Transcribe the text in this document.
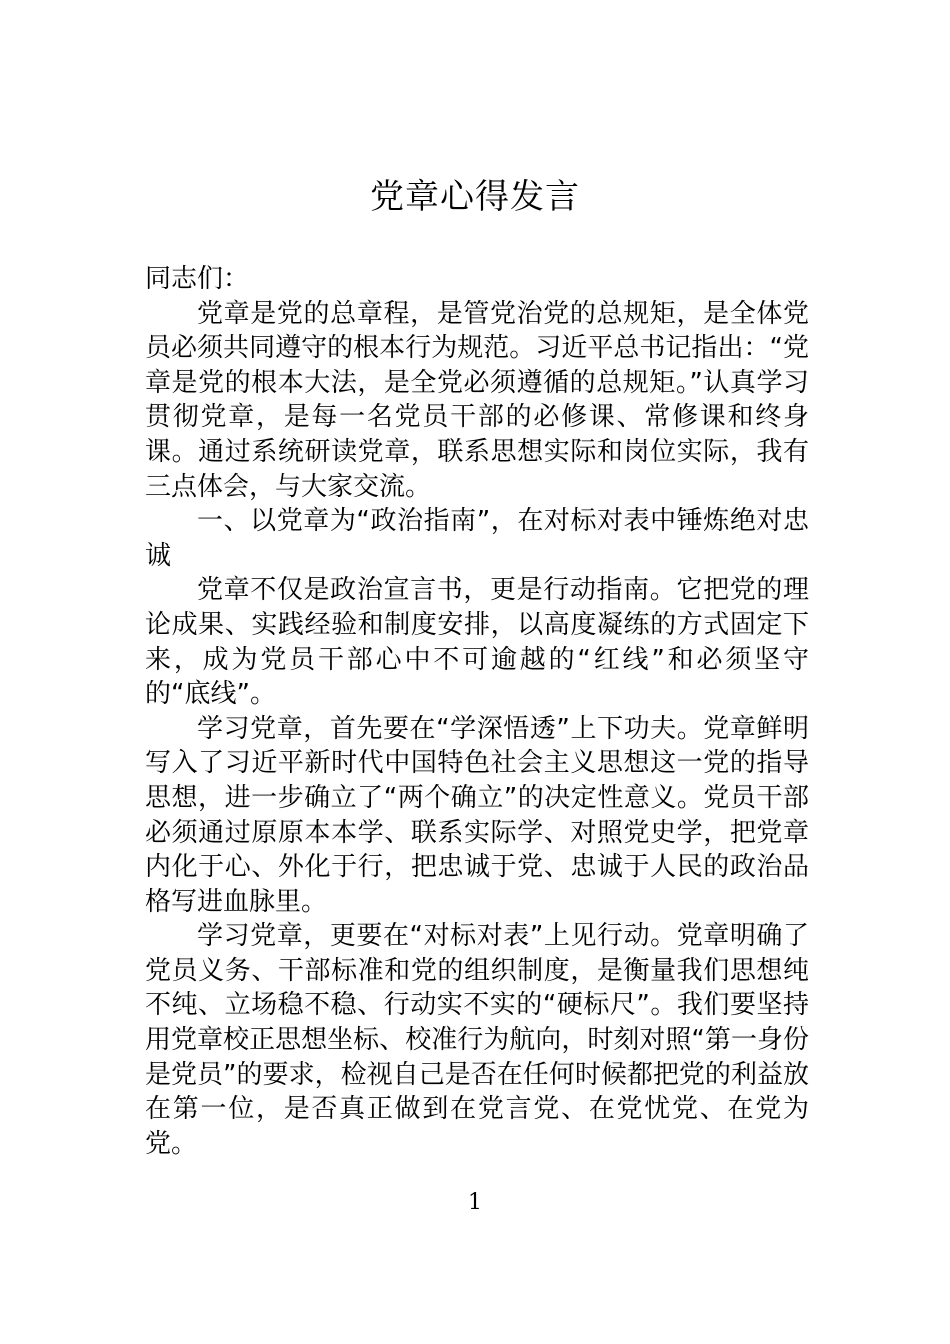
党章心得发言

同志们：

党章是党的总章程，是管党治党的总规矩，是全体党员必须共同遵守的根本行为规范。习近平总书记指出：“党章是党的根本大法，是全党必须遵循的总规矩。”认真学习贯彻党章，是每一名党员干部的必修课、常修课和终身课。通过系统研读党章，联系思想实际和岗位实际，我有三点体会，与大家交流。

一、以党章为“政治指南”，在对标对表中锤炼绝对忠诚

党章不仅是政治宣言书，更是行动指南。它把党的理论成果、实践经验和制度安排，以高度凝练的方式固定下来，成为党员干部心中不可逾越的“红线”和必须坚守的“底线”。

学习党章，首先要在“学深悟透”上下功夫。党章鲜明写入了习近平新时代中国特色社会主义思想这一党的指导思想，进一步确立了“两个确立”的决定性意义。党员干部必须通过原原本本学、联系实际学、对照党史学，把党章内化于心、外化于行，把忠诚于党、忠诚于人民的政治品格写进血脉里。

学习党章，更要在“对标对表”上见行动。党章明确了党员义务、干部标准和党的组织制度，是衡量我们思想纯不纯、立场稳不稳、行动实不实的“硬标尺”。我们要坚持用党章校正思想坐标、校准行为航向，时刻对照“第一身份是党员”的要求，检视自己是否在任何时候都把党的利益放在第一位，是否真正做到在党言党、在党忧党、在党为党。

1
